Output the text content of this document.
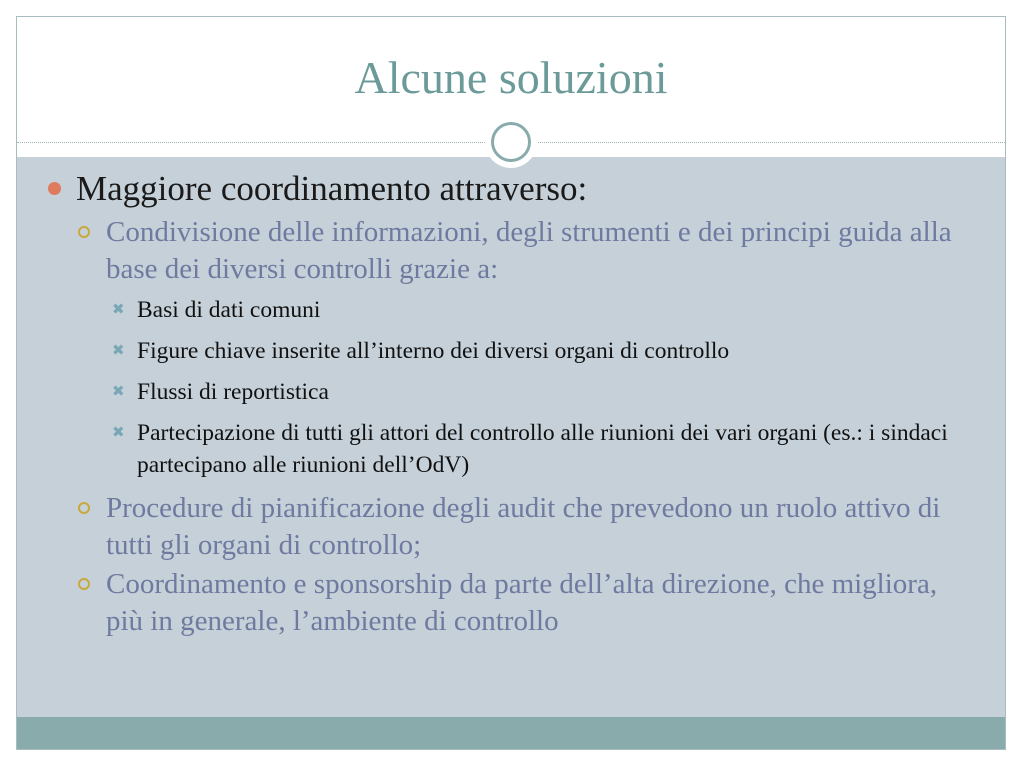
Alcune soluzioni
Maggiore coordinamento attraverso:
Condivisione delle informazioni, degli strumenti e dei principi guida alla base dei diversi controlli grazie a:
✖ Basi di dati comuni
✖ Figure chiave inserite all’interno dei diversi organi di controllo
✖ Flussi di reportistica
✖ Partecipazione di tutti gli attori del controllo alle riunioni dei vari organi (es.: i sindaci partecipano alle riunioni dell’OdV)
Procedure di pianificazione degli audit che prevedono un ruolo attivo di tutti gli organi di controllo;
Coordinamento e sponsorship da parte dell’alta direzione, che migliora, più in generale, l’ambiente di controllo
